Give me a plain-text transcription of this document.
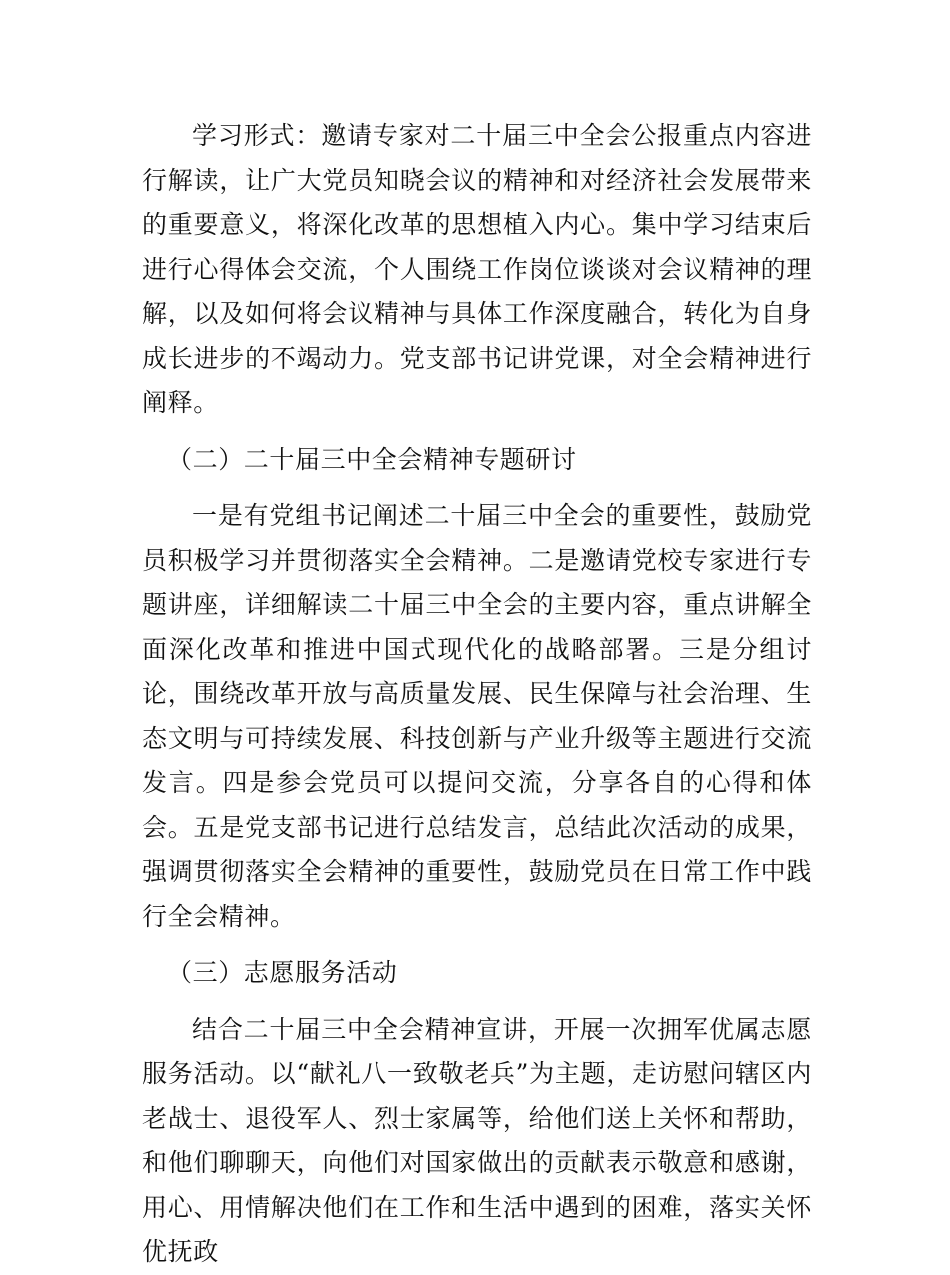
学习形式：邀请专家对二十届三中全会公报重点内容进行解读，让广大党员知晓会议的精神和对经济社会发展带来的重要意义，将深化改革的思想植入内心。集中学习结束后进行心得体会交流，个人围绕工作岗位谈谈对会议精神的理解，以及如何将会议精神与具体工作深度融合，转化为自身成长进步的不竭动力。党支部书记讲党课，对全会精神进行阐释。

（二）二十届三中全会精神专题研讨

一是有党组书记阐述二十届三中全会的重要性，鼓励党员积极学习并贯彻落实全会精神。二是邀请党校专家进行专题讲座，详细解读二十届三中全会的主要内容，重点讲解全面深化改革和推进中国式现代化的战略部署。三是分组讨论，围绕改革开放与高质量发展、民生保障与社会治理、生态文明与可持续发展、科技创新与产业升级等主题进行交流发言。四是参会党员可以提问交流，分享各自的心得和体会。五是党支部书记进行总结发言，总结此次活动的成果，强调贯彻落实全会精神的重要性，鼓励党员在日常工作中践行全会精神。

（三）志愿服务活动

结合二十届三中全会精神宣讲，开展一次拥军优属志愿服务活动。以“献礼八一致敬老兵”为主题，走访慰问辖区内老战士、退役军人、烈士家属等，给他们送上关怀和帮助，和他们聊聊天，向他们对国家做出的贡献表示敬意和感谢，用心、用情解决他们在工作和生活中遇到的困难，落实关怀优抚政
